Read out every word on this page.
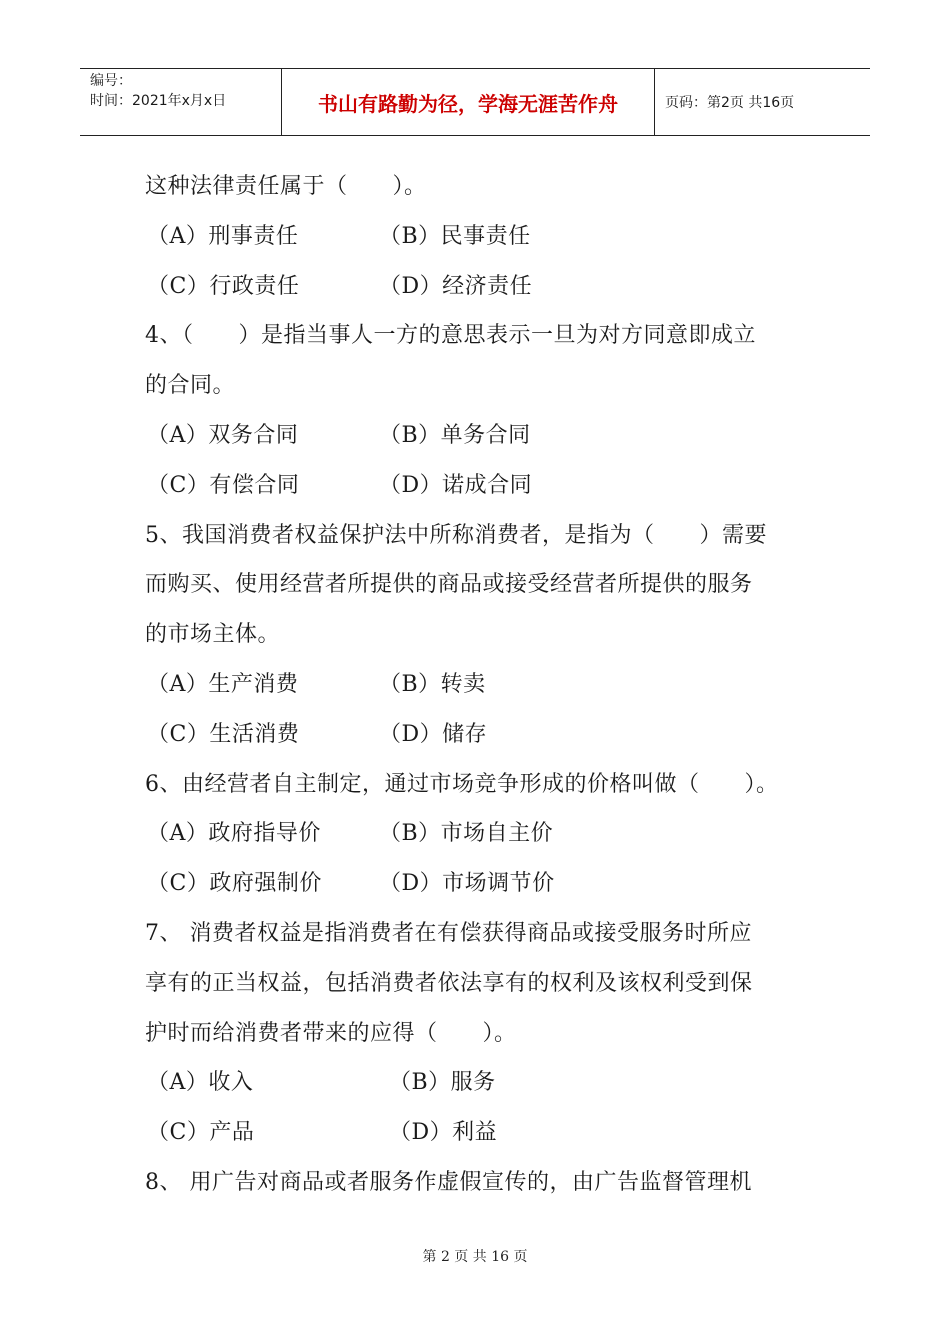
编号：
时间：2021年x月x日	书山有路勤为径，学海无涯苦作舟	页码：第2页 共16页
这种法律责任属于（　　）。
（A）刑事责任	（B）民事责任
（C）行政责任	（D）经济责任
4、（　　）是指当事人一方的意思表示一旦为对方同意即成立
的合同。
（A）双务合同	（B）单务合同
（C）有偿合同	（D）诺成合同
5、我国消费者权益保护法中所称消费者，是指为（　　）需要
而购买、使用经营者所提供的商品或接受经营者所提供的服务
的市场主体。
（A）生产消费	（B）转卖
（C）生活消费	（D）储存
6、由经营者自主制定，通过市场竞争形成的价格叫做（　　）。
（A）政府指导价	（B）市场自主价
（C）政府强制价	（D）市场调节价
7、 消费者权益是指消费者在有偿获得商品或接受服务时所应
享有的正当权益，包括消费者依法享有的权利及该权利受到保
护时而给消费者带来的应得（　　）。
（A）收入	（B）服务
（C）产品	（D）利益
8、 用广告对商品或者服务作虚假宣传的，由广告监督管理机
第 2 页 共 16 页
